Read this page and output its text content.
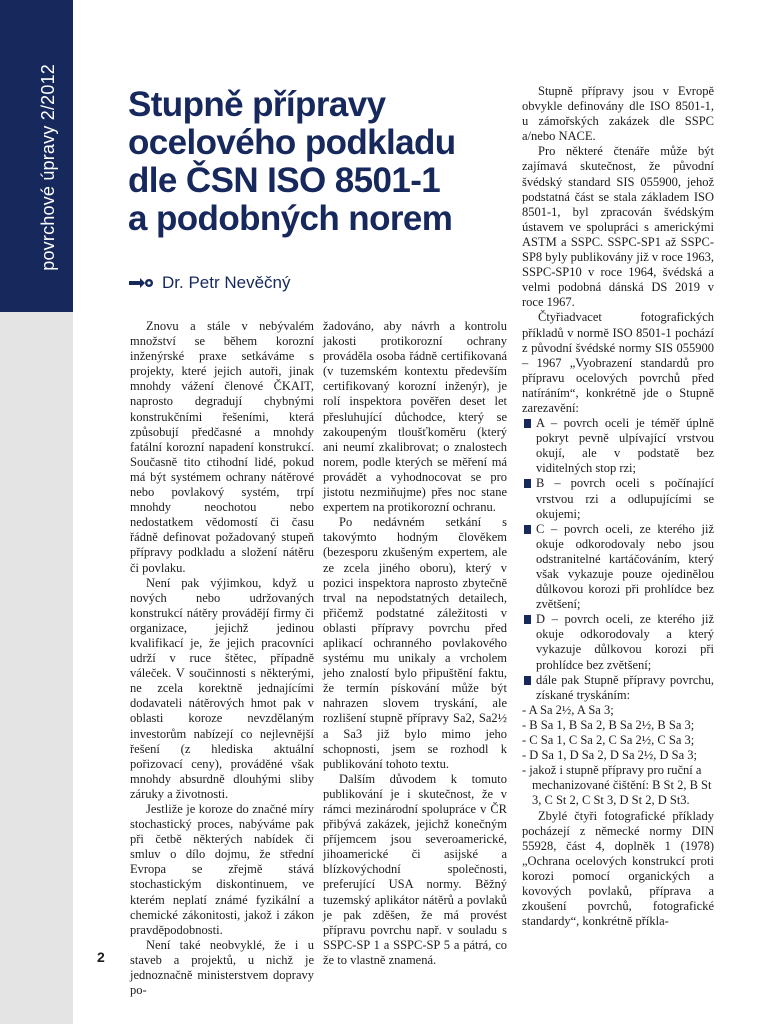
povrchové úpravy 2/2012 Stupně přípravy
ocelového podkladu
dle ČSN ISO 8501-1
a podobných norem
Dr. Petr Nevěčný

Znovu a stále v nebývalém množství se během korozní inženýrské praxe setkáváme s projekty, které jejich autoři, jinak mnohdy vážení členové ČKAIT, naprosto degradují chybnými konstrukčními řešeními, která způsobují předčasné a mnohdy fatální korozní napadení konstrukcí. Současně tito ctihodní lidé, pokud má být systémem ochrany nátěrové nebo povlakový systém, trpí mnohdy neochotou nebo nedostatkem vědomostí či času řádně definovat požadovaný stupeň přípravy podkladu a složení nátěru či povlaku.

Není pak výjimkou, když u nových nebo udržovaných konstrukcí nátěry provádějí firmy či organizace, jejichž jedinou kvalifikací je, že jejich pracovníci udrží v ruce štětec, případně váleček. V součinnosti s některými, ne zcela korektně jednajícími dodavateli nátěrových hmot pak v oblasti koroze nevzdělaným investorům nabízejí co nejlevnější řešení (z hlediska aktuální pořizovací ceny), prováděné však mnohdy absurdně dlouhými sliby záruky a životnosti.

Jestliže je koroze do značné míry stochastický proces, nabýváme pak při četbě některých nabídek či smluv o dílo dojmu, že střední Evropa se zřejmě stává stochastickým diskontinuem, ve kterém neplatí známé fyzikální a chemické zákonitosti, jakož i zákon pravděpodobnosti.

Není také neobvyklé, že i u staveb a projektů, u nichž je jednoznačně ministerstvem dopravy po-

žadováno, aby návrh a kontrolu jakosti protikorozní ochrany prováděla osoba řádně certifikovaná (v tuzemském kontextu především certifikovaný korozní inženýr), je rolí inspektora pověřen deset let přesluhující důchodce, který se zakoupeným tloušťkoměru (který ani neumí zkalibrovat; o znalostech norem, podle kterých se měření má provádět a vyhodnocovat se pro jistotu nezmiňujme) přes noc stane expertem na protikorozní ochranu.

Po nedávném setkání s takovýmto hodným člověkem (bezesporu zkušeným expertem, ale ze zcela jiného oboru), který v pozici inspektora naprosto zbytečně trval na nepodstatných detailech, přičemž podstatné záležitosti v oblasti přípravy povrchu před aplikací ochranného povlakového systému mu unikaly a vrcholem jeho znalostí bylo připuštění faktu, že termín pískování může být nahrazen slovem tryskání, ale rozlišení stupně přípravy Sa2, Sa2½ a Sa3 již bylo mimo jeho schopnosti, jsem se rozhodl k publikování tohoto textu.

Dalším důvodem k tomuto publikování je i skutečnost, že v rámci mezinárodní spolupráce v ČR přibývá zakázek, jejichž konečným příjemcem jsou severoamerické, jihoamerické či asijské a blízkovýchodní společnosti, preferující USA normy. Běžný tuzemský aplikátor nátěrů a povlaků je pak zděšen, že má provést přípravu povrchu např. v souladu s SSPC-SP 1 a SSPC-SP 5 a pátrá, co že to vlastně znamená.

Stupně přípravy jsou v Evropě obvykle definovány dle ISO 8501-1, u zámořských zakázek dle SSPC a/nebo NACE.

Pro některé čtenáře může být zajímavá skutečnost, že původní švédský standard SIS 055900, jehož podstatná část se stala základem ISO 8501-1, byl zpracován švédským ústavem ve spolupráci s americkými ASTM a SSPC. SSPC-SP1 až SSPC-SP8 byly publikovány již v roce 1963, SSPC-SP10 v roce 1964, švédská a velmi podobná dánská DS 2019 v roce 1967.

Čtyřiadvacet fotografických příkladů v normě ISO 8501-1 pochází z původní švédské normy SIS 055900 – 1967 „Vyobrazení standardů pro přípravu ocelových povrchů před natíráním“, konkrétně jde o Stupně zarezavění:

A – povrch oceli je téměř úplně pokryt pevně ulpívající vrstvou okují, ale v podstatě bez viditelných stop rzi;
B – povrch oceli s počínající vrstvou rzi a odlupujícími se okujemi;
C – povrch oceli, ze kterého již okuje odkorodovaly nebo jsou odstranitelné kartáčováním, který však vykazuje pouze ojedinělou důlkovou korozi při prohlídce bez zvětšení;
D – povrch oceli, ze kterého již okuje odkorodovaly a který vykazuje důlkovou korozi při prohlídce bez zvětšení;
dále pak Stupně přípravy povrchu, získané tryskáním:
- A Sa 2½, A Sa 3;
- B Sa 1, B Sa 2, B Sa 2½, B Sa 3;
- C Sa 1, C Sa 2, C Sa 2½, C Sa 3;
- D Sa 1, D Sa 2, D Sa 2½, D Sa 3;
- jakož i stupně přípravy pro ruční a mechanizované čištění: B St 2, B St 3, C St 2, C St 3, D St 2, D St3.

Zbylé čtyři fotografické příklady pocházejí z německé normy DIN 55928, část 4, doplněk 1 (1978) „Ochrana ocelových konstrukcí proti korozi pomocí organických a kovových povlaků, příprava a zkoušení povrchů, fotografické standardy“, konkrétně příkla-

2
